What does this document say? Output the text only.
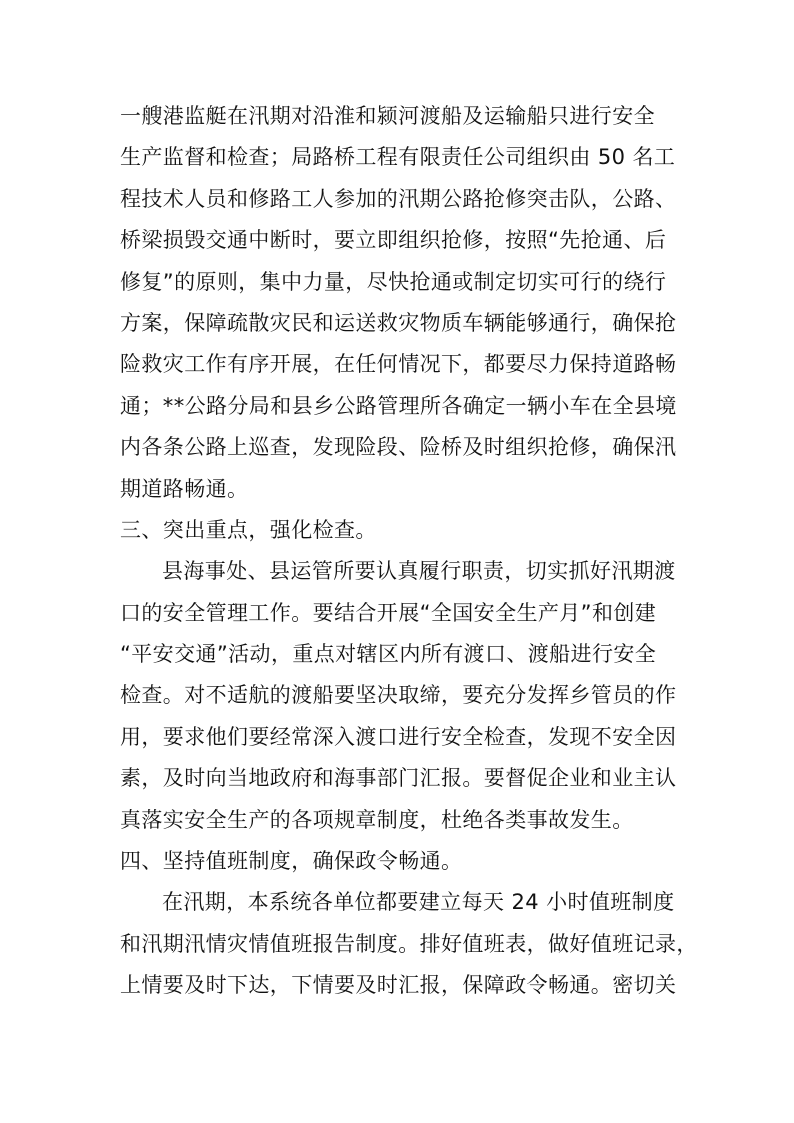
一艘港监艇在汛期对沿淮和颍河渡船及运输船只进行安全
生产监督和检查；局路桥工程有限责任公司组织由 50 名工
程技术人员和修路工人参加的汛期公路抢修突击队，公路、
桥梁损毁交通中断时，要立即组织抢修，按照“先抢通、后
修复”的原则，集中力量，尽快抢通或制定切实可行的绕行
方案，保障疏散灾民和运送救灾物质车辆能够通行，确保抢
险救灾工作有序开展，在任何情况下，都要尽力保持道路畅
通；**公路分局和县乡公路管理所各确定一辆小车在全县境
内各条公路上巡查，发现险段、险桥及时组织抢修，确保汛
期道路畅通。
三、突出重点，强化检查。
县海事处、县运管所要认真履行职责，切实抓好汛期渡
口的安全管理工作。要结合开展“全国安全生产月”和创建
“平安交通”活动，重点对辖区内所有渡口、渡船进行安全
检查。对不适航的渡船要坚决取缔，要充分发挥乡管员的作
用，要求他们要经常深入渡口进行安全检查，发现不安全因
素，及时向当地政府和海事部门汇报。要督促企业和业主认
真落实安全生产的各项规章制度，杜绝各类事故发生。
四、坚持值班制度，确保政令畅通。
在汛期，本系统各单位都要建立每天 24 小时值班制度
和汛期汛情灾情值班报告制度。排好值班表，做好值班记录，
上情要及时下达，下情要及时汇报，保障政令畅通。密切关
